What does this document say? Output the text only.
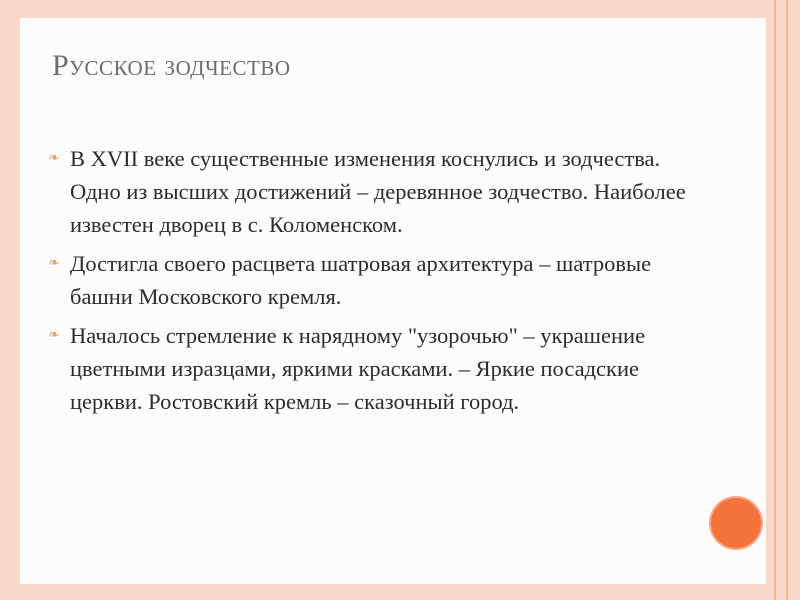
Русское зодчество
❧ В XVII веке существенные изменения коснулись и зодчества. Одно из высших достижений – деревянное зодчество. Наиболее известен дворец в с. Коломенском.
❧ Достигла своего расцвета шатровая архитектура – шатровые башни Московского кремля.
❧ Началось стремление к нарядному "узорочью" – украшение цветными изразцами, яркими красками. – Яркие посадские церкви. Ростовский кремль – сказочный город.
